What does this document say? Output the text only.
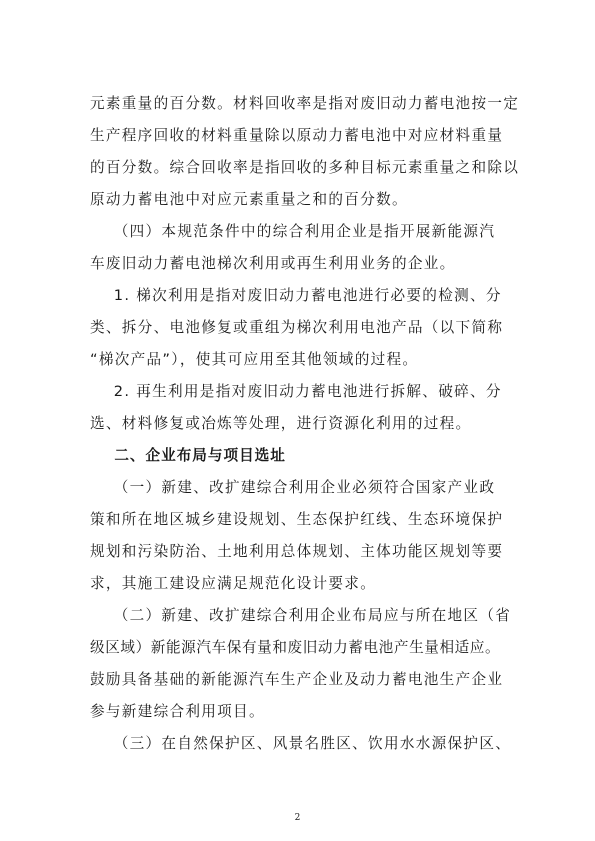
元素重量的百分数。材料回收率是指对废旧动力蓄电池按一定
生产程序回收的材料重量除以原动力蓄电池中对应材料重量
的百分数。综合回收率是指回收的多种目标元素重量之和除以
原动力蓄电池中对应元素重量之和的百分数。
（四）本规范条件中的综合利用企业是指开展新能源汽
车废旧动力蓄电池梯次利用或再生利用业务的企业。
1. 梯次利用是指对废旧动力蓄电池进行必要的检测、分
类、拆分、电池修复或重组为梯次利用电池产品（以下简称
“梯次产品”），使其可应用至其他领域的过程。
2. 再生利用是指对废旧动力蓄电池进行拆解、破碎、分
选、材料修复或冶炼等处理，进行资源化利用的过程。
二、企业布局与项目选址
（一）新建、改扩建综合利用企业必须符合国家产业政
策和所在地区城乡建设规划、生态保护红线、生态环境保护
规划和污染防治、土地利用总体规划、主体功能区规划等要
求，其施工建设应满足规范化设计要求。
（二）新建、改扩建综合利用企业布局应与所在地区（省
级区域）新能源汽车保有量和废旧动力蓄电池产生量相适应。
鼓励具备基础的新能源汽车生产企业及动力蓄电池生产企业
参与新建综合利用项目。
（三）在自然保护区、风景名胜区、饮用水水源保护区、
2
